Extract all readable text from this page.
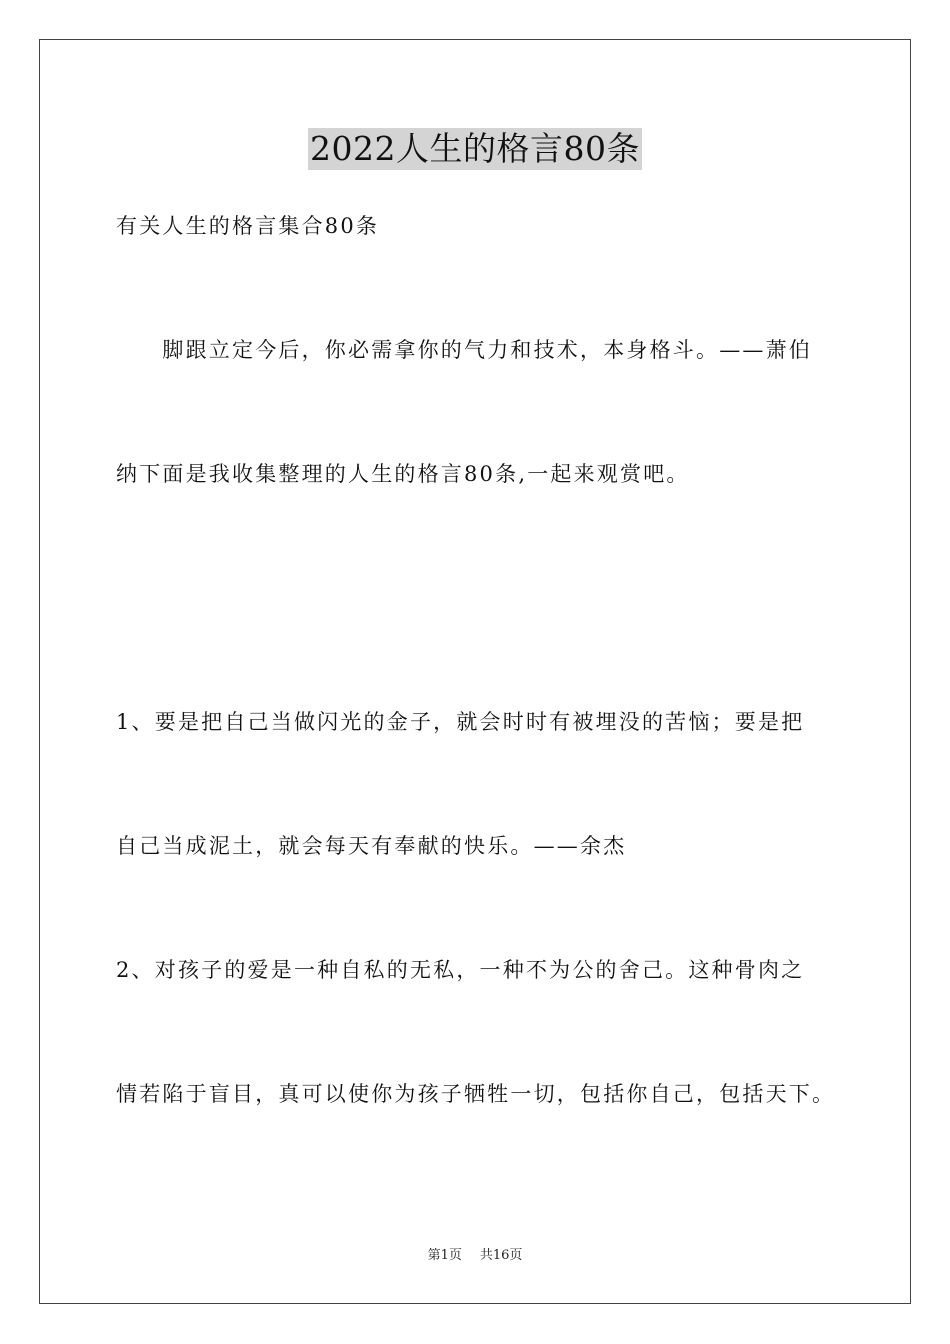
2022人生的格言80条
有关人生的格言集合80条
　　脚跟立定今后，你必需拿你的气力和技术，本身格斗。——萧伯
纳下面是我收集整理的人生的格言80条,一起来观赏吧。
1、要是把自己当做闪光的金子，就会时时有被埋没的苦恼；要是把
自己当成泥土，就会每天有奉献的快乐。——余杰
2、对孩子的爱是一种自私的无私，一种不为公的舍己。这种骨肉之
情若陷于盲目，真可以使你为孩子牺牲一切，包括你自己，包括天下。
第1页 共16页
